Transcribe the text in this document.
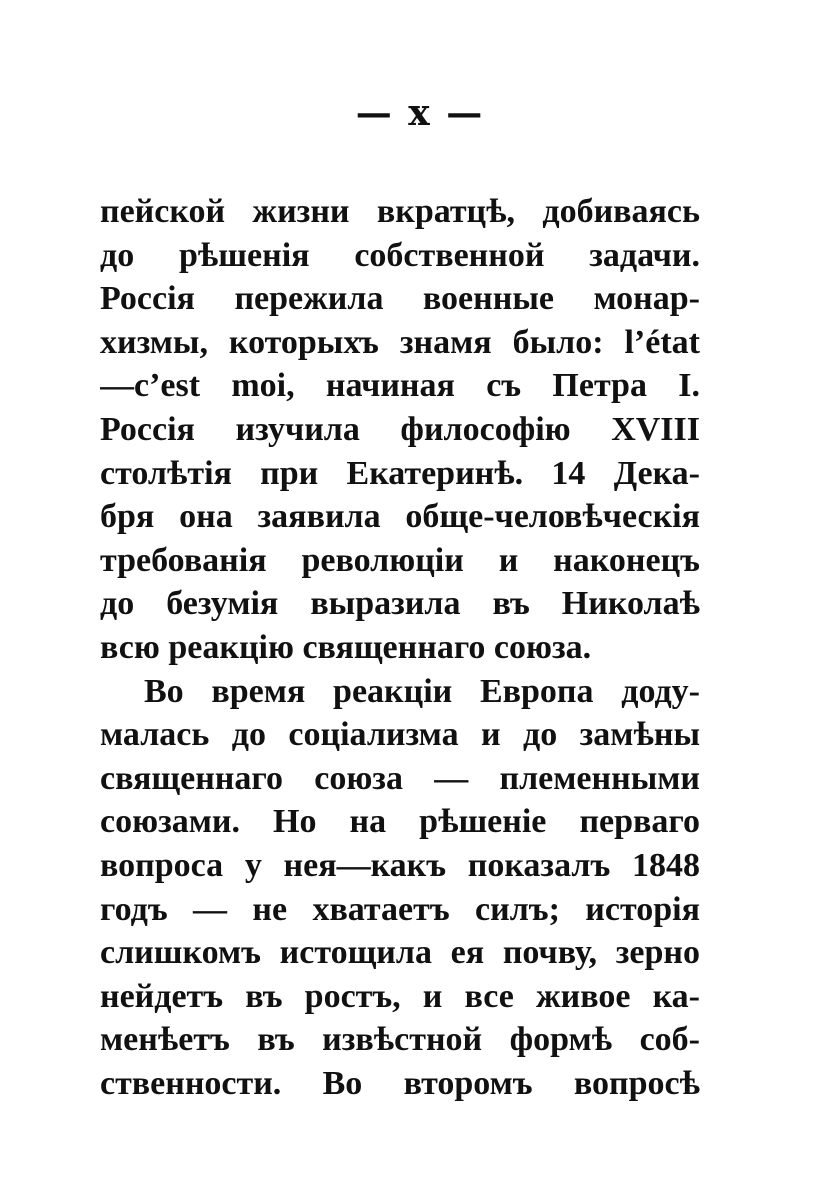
— x —
пейской жизни вкратцѣ, добиваясь
до рѣшенія собственной задачи.
Россія пережила военные монар-
хизмы, которыхъ знамя было: l’état
—c’est moi, начиная съ Петра I.
Россія изучила философію XVIII
столѣтія при Екатеринѣ. 14 Дека-
бря она заявила обще-человѣческія
требованія революціи и наконецъ
до безумія выразила въ Николаѣ
всю реакцію священнаго союза.
Во время реакціи Европа доду-
малась до соціализма и до замѣны
священнаго союза — племенными
союзами. Но на рѣшеніе перваго
вопроса у нея—какъ показалъ 1848
годъ — не хватаетъ силъ; исторія
слишкомъ истощила ея почву, зерно
нейдетъ въ ростъ, и все живое ка-
менѣетъ въ извѣстной формѣ соб-
ственности. Во второмъ вопросѣ
